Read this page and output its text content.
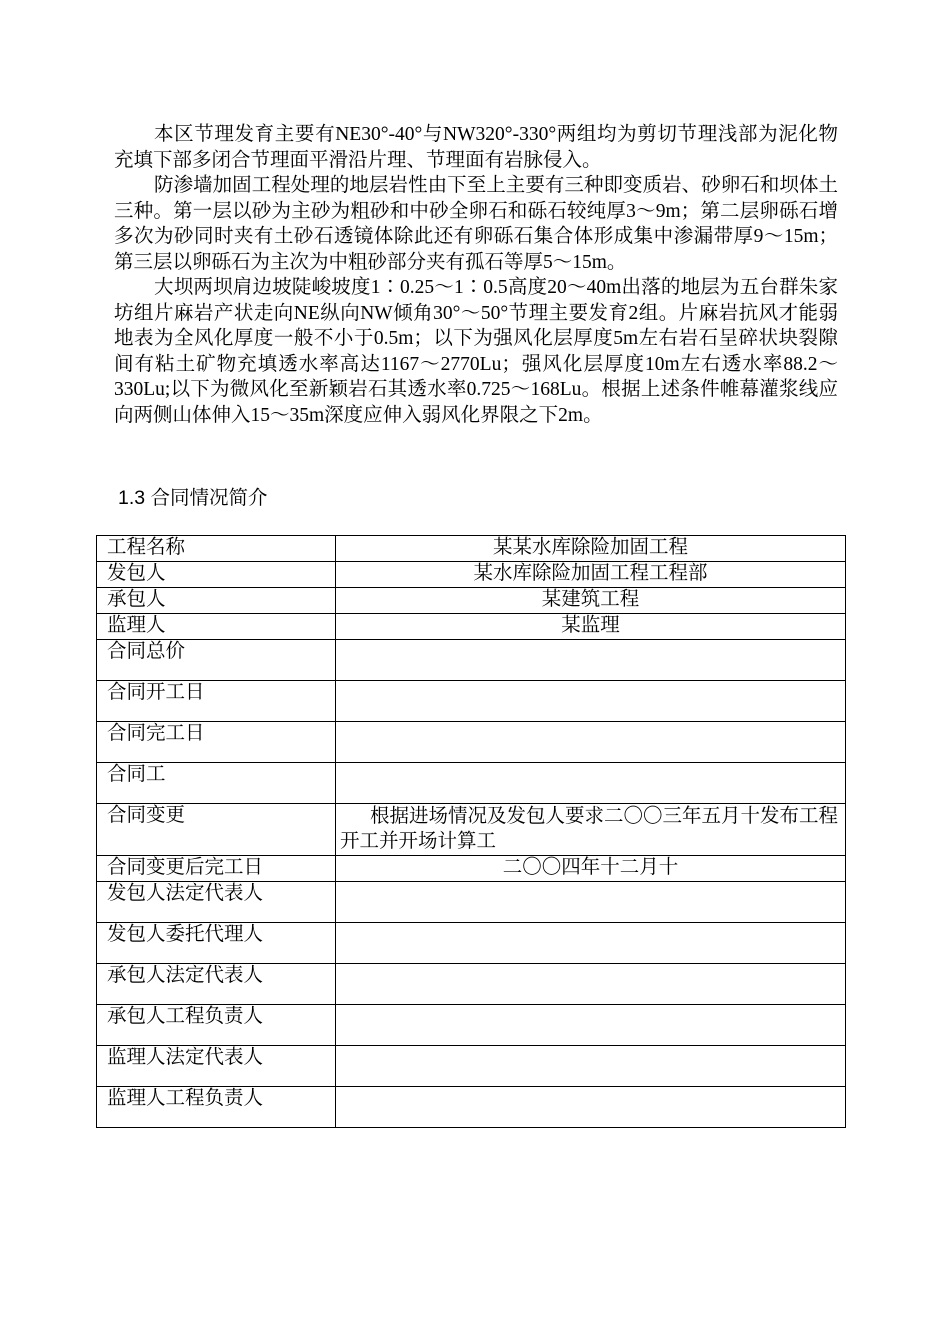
本区节理发育主要有NE30°-40°与NW320°-330°两组均为剪切节理浅部为泥化物充填下部多闭合节理面平滑沿片理、节理面有岩脉侵入。

防渗墙加固工程处理的地层岩性由下至上主要有三种即变质岩、砂卵石和坝体土三种。第一层以砂为主砂为粗砂和中砂全卵石和砾石较纯厚3～9m；第二层卵砾石增多次为砂同时夹有土砂石透镜体除此还有卵砾石集合体形成集中渗漏带厚9～15m；第三层以卵砾石为主次为中粗砂部分夹有孤石等厚5～15m。

大坝两坝肩边坡陡峻坡度1∶0.25～1∶0.5高度20～40m出落的地层为五台群朱家坊组片麻岩产状走向NE纵向NW倾角30°～50°节理主要发育2组。片麻岩抗风才能弱地表为全风化厚度一般不小于0.5m；以下为强风化层厚度5m左右岩石呈碎状块裂隙间有粘土矿物充填透水率高达1167～2770Lu；强风化层厚度10m左右透水率88.2～330Lu;以下为微风化至新颖岩石其透水率0.725～168Lu。根据上述条件帷幕灌浆线应向两侧山体伸入15～35m深度应伸入弱风化界限之下2m。

1.3 合同情况简介
工程名称	某某水库除险加固工程
发包人	某水库除险加固工程工程部
承包人	某建筑工程
监理人	某监理
合同总价	
合同开工日	
合同完工日	
合同工	
合同变更	根据进场情况及发包人要求二〇〇三年五月十发布工程开工并开场计算工
合同变更后完工日	二〇〇四年十二月十
发包人法定代表人	
发包人委托代理人	
承包人法定代表人	
承包人工程负责人	
监理人法定代表人	
监理人工程负责人	
